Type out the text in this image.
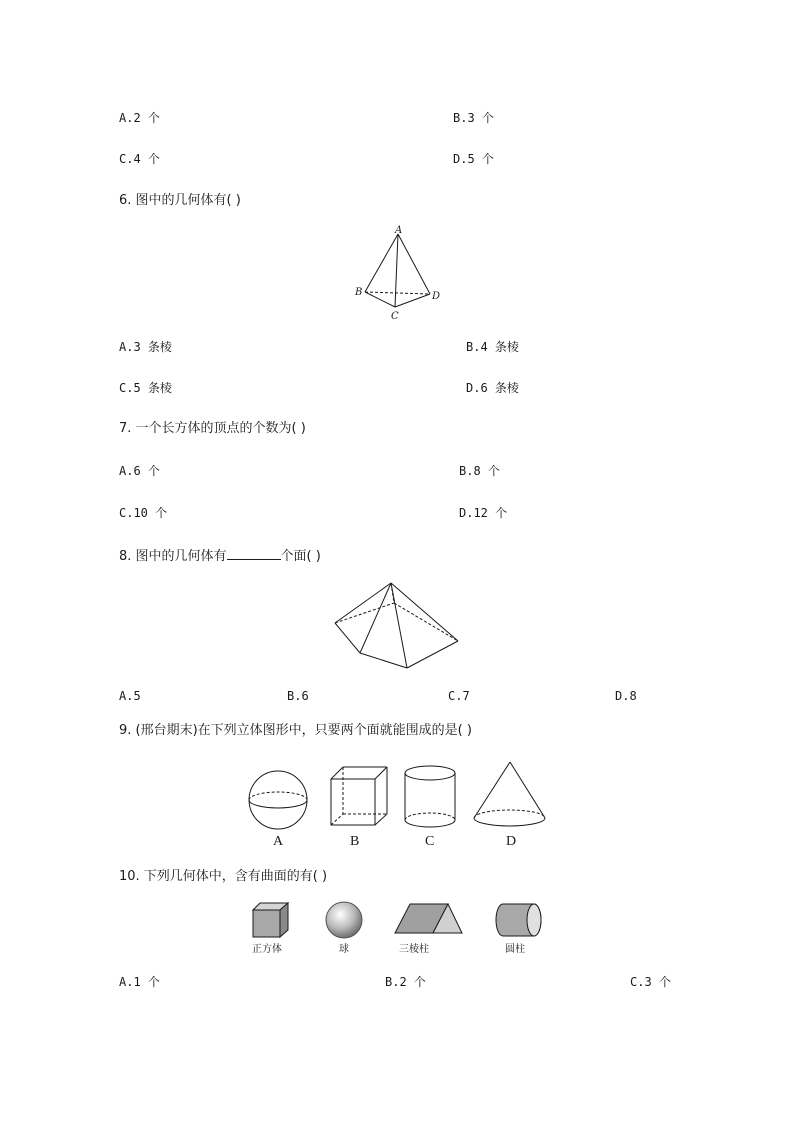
A.2 个	B.3 个
C.4 个	D.5 个
6. 图中的几何体有( )
A
B
C
D
A.3 条棱	B.4 条棱
C.5 条棱	D.6 条棱
7. 一个长方体的顶点的个数为( )
A.6 个	B.8 个
C.10 个	D.12 个
8. 图中的几何体有	个面( )
A.5	B.6	C.7	D.8
9. (邢台期末)在下列立体图形中，只要两个面就能围成的是( )
A	B	C	D
10. 下列几何体中，含有曲面的有( )
正方体	球	三棱柱	圆柱
A.1 个	B.2 个	C.3 个
